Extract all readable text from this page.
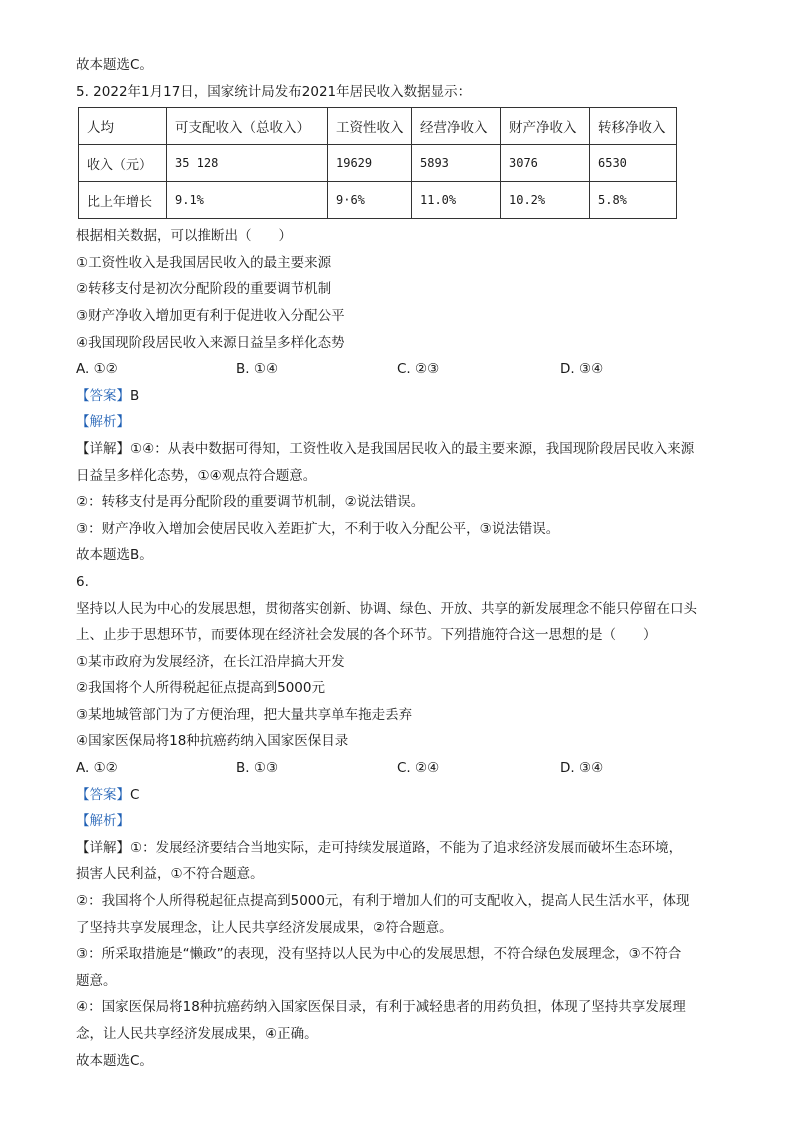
故本题选C。
5. 2022年1月17日，国家统计局发布2021年居民收入数据显示：
人均	可支配收入（总收入）	工资性收入	经营净收入	财产净收入	转移净收入
收入（元）	35 128	19629	5893	3076	6530
比上年增长	9.1%	9·6%	11.0%	10.2%	5.8%
根据相关数据，可以推断出（　　）
①工资性收入是我国居民收入的最主要来源
②转移支付是初次分配阶段的重要调节机制
③财产净收入增加更有利于促进收入分配公平
④我国现阶段居民收入来源日益呈多样化态势
A. ①②	B. ①④	C. ②③	D. ③④
【答案】B
【解析】
【详解】①④：从表中数据可得知，工资性收入是我国居民收入的最主要来源，我国现阶段居民收入来源
日益呈多样化态势，①④观点符合题意。
②：转移支付是再分配阶段的重要调节机制，②说法错误。
③：财产净收入增加会使居民收入差距扩大，不利于收入分配公平，③说法错误。
故本题选B。
6.
坚持以人民为中心的发展思想，贯彻落实创新、协调、绿色、开放、共享的新发展理念不能只停留在口头
上、止步于思想环节，而要体现在经济社会发展的各个环节。下列措施符合这一思想的是（　　）
①某市政府为发展经济，在长江沿岸搞大开发
②我国将个人所得税起征点提高到5000元
③某地城管部门为了方便治理，把大量共享单车拖走丢弃
④国家医保局将18种抗癌药纳入国家医保目录
A. ①②	B. ①③	C. ②④	D. ③④
【答案】C
【解析】
【详解】①：发展经济要结合当地实际，走可持续发展道路，不能为了追求经济发展而破坏生态环境，
损害人民利益，①不符合题意。
②：我国将个人所得税起征点提高到5000元，有利于增加人们的可支配收入，提高人民生活水平，体现
了坚持共享发展理念，让人民共享经济发展成果，②符合题意。
③：所采取措施是“懒政”的表现，没有坚持以人民为中心的发展思想，不符合绿色发展理念，③不符合
题意。
④：国家医保局将18种抗癌药纳入国家医保目录，有利于减轻患者的用药负担，体现了坚持共享发展理
念，让人民共享经济发展成果，④正确。
故本题选C。
